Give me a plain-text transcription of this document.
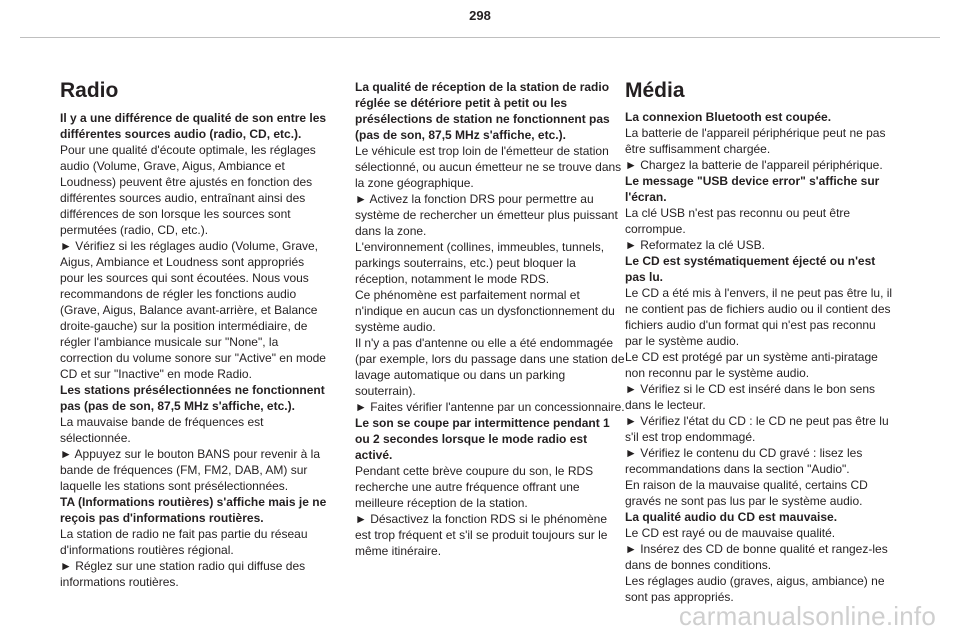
298
Radio

Il y a une différence de qualité de son entre les différentes sources audio (radio, CD, etc.).

Pour une qualité d'écoute optimale, les réglages audio (Volume, Grave, Aigus, Ambiance et Loudness) peuvent être ajustés en fonction des différentes sources audio, entraînant ainsi des différences de son lorsque les sources sont permutées (radio, CD, etc.).

► Vérifiez si les réglages audio (Volume, Grave, Aigus, Ambiance et Loudness sont appropriés pour les sources qui sont écoutées. Nous vous recommandons de régler les fonctions audio (Grave, Aigus, Balance avant-arrière, et Balance droite-gauche) sur la position intermédiaire, de régler l'ambiance musicale sur "None", la correction du volume sonore sur "Active" en mode CD et sur "Inactive" en mode Radio.

Les stations présélectionnées ne fonctionnent pas (pas de son, 87,5 MHz s'affiche, etc.).

La mauvaise bande de fréquences est sélectionnée.

► Appuyez sur le bouton BANS pour revenir à la bande de fréquences (FM, FM2, DAB, AM) sur laquelle les stations sont présélectionnées.

TA (Informations routières) s'affiche mais je ne reçois pas d'informations routières.

La station de radio ne fait pas partie du réseau d'informations routières régional.

► Réglez sur une station radio qui diffuse des informations routières.

La qualité de réception de la station de radio réglée se détériore petit à petit ou les présélections de station ne fonctionnent pas (pas de son, 87,5 MHz s'affiche, etc.).

Le véhicule est trop loin de l'émetteur de station sélectionné, ou aucun émetteur ne se trouve dans la zone géographique.

► Activez la fonction DRS pour permettre au système de rechercher un émetteur plus puissant dans la zone.

L'environnement (collines, immeubles, tunnels, parkings souterrains, etc.) peut bloquer la réception, notamment le mode RDS.

Ce phénomène est parfaitement normal et n'indique en aucun cas un dysfonctionnement du système audio.

Il n'y a pas d'antenne ou elle a été endommagée (par exemple, lors du passage dans une station de lavage automatique ou dans un parking souterrain).

► Faites vérifier l'antenne par un concessionnaire.

Le son se coupe par intermittence pendant 1 ou 2 secondes lorsque le mode radio est activé.

Pendant cette brève coupure du son, le RDS recherche une autre fréquence offrant une meilleure réception de la station.

► Désactivez la fonction RDS si le phénomène est trop fréquent et s'il se produit toujours sur le même itinéraire.

Média

La connexion Bluetooth est coupée.

La batterie de l'appareil périphérique peut ne pas être suffisamment chargée.

► Chargez la batterie de l'appareil périphérique.

Le message "USB device error" s'affiche sur l'écran.

La clé USB n'est pas reconnu ou peut être corrompue.

► Reformatez la clé USB.

Le CD est systématiquement éjecté ou n'est pas lu.

Le CD a été mis à l'envers, il ne peut pas être lu, il ne contient pas de fichiers audio ou il contient des fichiers audio d'un format qui n'est pas reconnu par le système audio.

Le CD est protégé par un système anti-piratage non reconnu par le système audio.

► Vérifiez si le CD est inséré dans le bon sens dans le lecteur.

► Vérifiez l'état du CD : le CD ne peut pas être lu s'il est trop endommagé.

► Vérifiez le contenu du CD gravé : lisez les recommandations dans la section "Audio".

En raison de la mauvaise qualité, certains CD gravés ne sont pas lus par le système audio.

La qualité audio du CD est mauvaise.

Le CD est rayé ou de mauvaise qualité.

► Insérez des CD de bonne qualité et rangez-les dans de bonnes conditions.

Les réglages audio (graves, aigus, ambiance) ne sont pas appropriés.

carmanualsonline.info
